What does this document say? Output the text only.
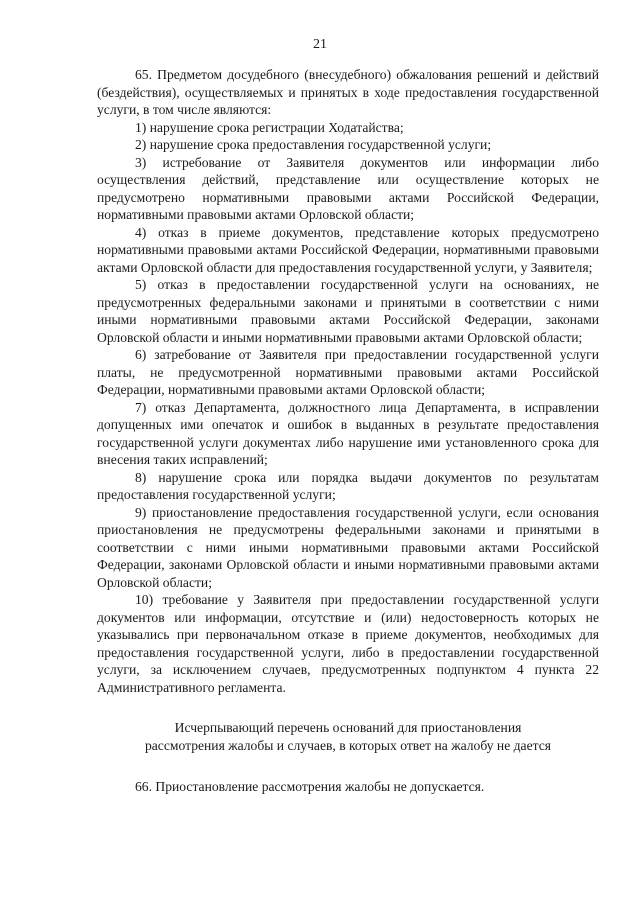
21

65. Предметом досудебного (внесудебного) обжалования решений и действий (бездействия), осуществляемых и принятых в ходе предоставления государственной услуги, в том числе являются:

1) нарушение срока регистрации Ходатайства;

2) нарушение срока предоставления государственной услуги;

3) истребование от Заявителя документов или информации либо осуществления действий, представление или осуществление которых не предусмотрено нормативными правовыми актами Российской Федерации, нормативными правовыми актами Орловской области;

4) отказ в приеме документов, представление которых предусмотрено нормативными правовыми актами Российской Федерации, нормативными правовыми актами Орловской области для предоставления государственной услуги, у Заявителя;

5) отказ в предоставлении государственной услуги на основаниях, не предусмотренных федеральными законами и принятыми в соответствии с ними иными нормативными правовыми актами Российской Федерации, законами Орловской области и иными нормативными правовыми актами Орловской области;

6) затребование от Заявителя при предоставлении государственной услуги платы, не предусмотренной нормативными правовыми актами Российской Федерации, нормативными правовыми актами Орловской области;

7) отказ Департамента, должностного лица Департамента, в исправлении допущенных ими опечаток и ошибок в выданных в результате предоставления государственной услуги документах либо нарушение ими установленного срока для внесения таких исправлений;

8) нарушение срока или порядка выдачи документов по результатам предоставления государственной услуги;

9) приостановление предоставления государственной услуги, если основания приостановления не предусмотрены федеральными законами и принятыми в соответствии с ними иными нормативными правовыми актами Российской Федерации, законами Орловской области и иными нормативными правовыми актами Орловской области;

10) требование у Заявителя при предоставлении государственной услуги документов или информации, отсутствие и (или) недостоверность которых не указывались при первоначальном отказе в приеме документов, необходимых для предоставления государственной услуги, либо в предоставлении государственной услуги, за исключением случаев, предусмотренных подпунктом 4 пункта 22 Административного регламента.

Исчерпывающий перечень оснований для приостановления
рассмотрения жалобы и случаев, в которых ответ на жалобу не дается

66. Приостановление рассмотрения жалобы не допускается.
